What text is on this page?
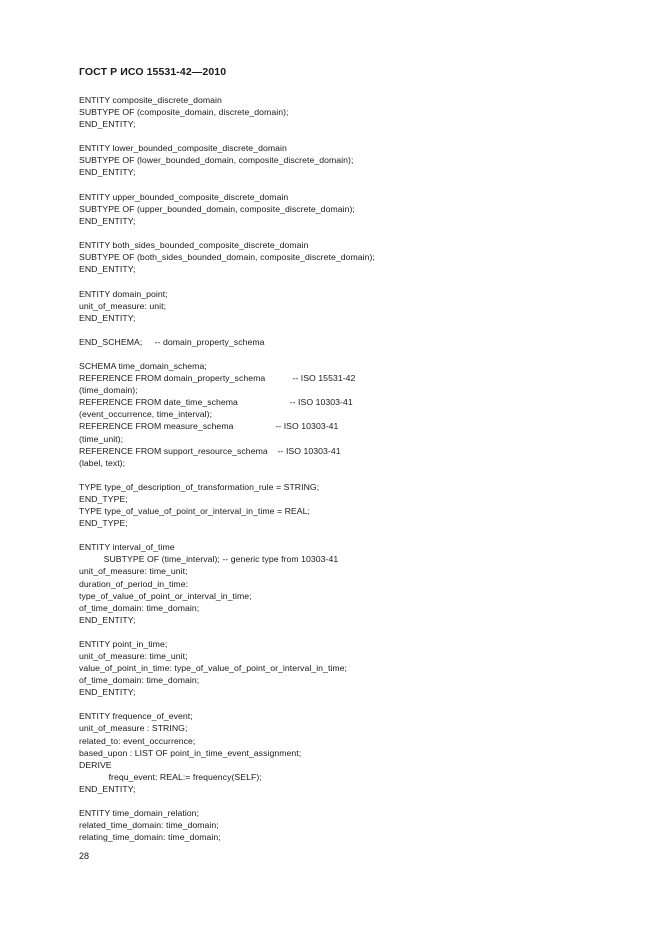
ГОСТ Р ИСО 15531-42—2010
ENTITY composite_discrete_domain
SUBTYPE OF (composite_domain, discrete_domain);
END_ENTITY;
ENTITY lower_bounded_composite_discrete_domain
SUBTYPE OF (lower_bounded_domain, composite_discrete_domain);
END_ENTITY;
ENTITY upper_bounded_composite_discrete_domain
SUBTYPE OF (upper_bounded_domain, composite_discrete_domain);
END_ENTITY;
ENTITY both_sides_bounded_composite_discrete_domain
SUBTYPE OF (both_sides_bounded_domain, composite_discrete_domain);
END_ENTITY;
ENTITY domain_point;
unit_of_measure: unit;
END_ENTITY;
END_SCHEMA;     -- domain_property_schema
SCHEMA time_domain_schema;
REFERENCE FROM domain_property_schema           -- ISO 15531-42
(time_domain);
REFERENCE FROM date_time_schema                     -- ISO 10303-41
(event_occurrence, time_interval);
REFERENCE FROM measure_schema                 -- ISO 10303-41
(time_unit);
REFERENCE FROM support_resource_schema    -- ISO 10303-41
(label, text);
TYPE type_of_description_of_transformation_rule = STRING;
END_TYPE;
TYPE type_of_value_of_point_or_interval_in_time = REAL;
END_TYPE;
ENTITY interval_of_time
SUBTYPE OF (time_interval); -- generic type from 10303-41
unit_of_measure: time_unit;
duration_of_period_in_time:
type_of_value_of_point_or_interval_in_time;
of_time_domain: time_domain;
END_ENTITY;
ENTITY point_in_time;
unit_of_measure: time_unit;
value_of_point_in_time: type_of_value_of_point_or_interval_in_time;
of_time_domain: time_domain;
END_ENTITY;
ENTITY frequence_of_event;
unit_of_measure : STRING;
related_to: event_occurrence;
based_upon : LIST OF point_in_time_event_assignment;
DERIVE
frequ_event: REAL:= frequency(SELF);
END_ENTITY;
ENTITY time_domain_relation;
related_time_domain: time_domain;
relating_time_domain: time_domain;
28
